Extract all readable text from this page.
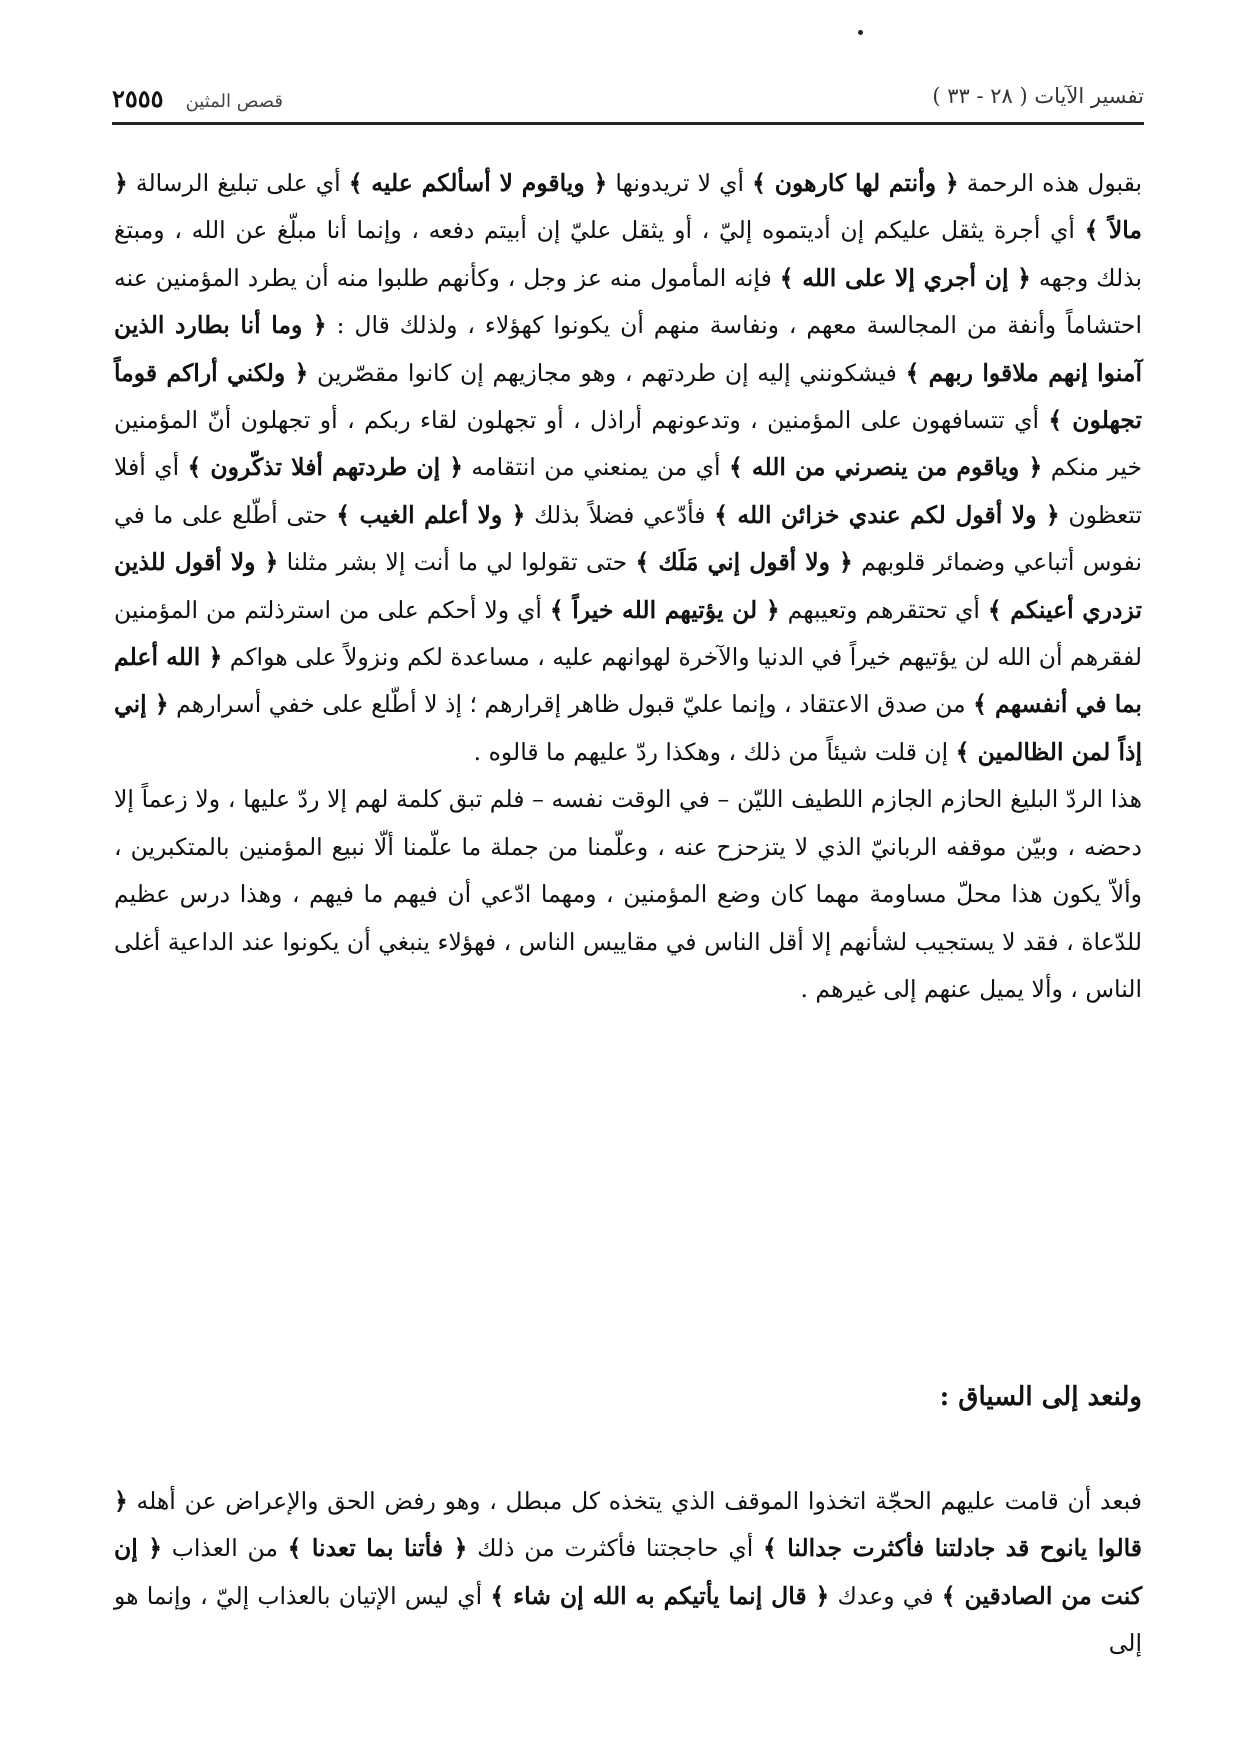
تفسير الآيات ( ٢٨ - ٣٣ )
قصص المثين
٢٥٥٥

بقبول هذه الرحمة ﴿ وأنتم لها كارهون ﴾ أي لا تريدونها ﴿ وياقوم لا أسألكم عليه ﴾ أي على تبليغ الرسالة ﴿ مالاً ﴾ أي أجرة يثقل عليكم إن أديتموه إليّ ، أو يثقل عليّ إن أبيتم دفعه ، وإنما أنا مبلّغ عن الله ، ومبتغ بذلك وجهه ﴿ إن أجري إلا على الله ﴾ فإنه المأمول منه عز وجل ، وكأنهم طلبوا منه أن يطرد المؤمنين عنه احتشاماً وأنفة من المجالسة معهم ، ونفاسة منهم أن يكونوا كهؤلاء ، ولذلك قال : ﴿ وما أنا بطارد الذين آمنوا إنهم ملاقوا ربهم ﴾ فيشكونني إليه إن طردتهم ، وهو مجازيهم إن كانوا مقصّرين ﴿ ولكني أراكم قوماً تجهلون ﴾ أي تتسافهون على المؤمنين ، وتدعونهم أراذل ، أو تجهلون لقاء ربكم ، أو تجهلون أنّ المؤمنين خير منكم ﴿ وياقوم من ينصرني من الله ﴾ أي من يمنعني من انتقامه ﴿ إن طردتهم أفلا تذكّرون ﴾ أي أفلا تتعظون ﴿ ولا أقول لكم عندي خزائن الله ﴾ فأدّعي فضلاً بذلك ﴿ ولا أعلم الغيب ﴾ حتى أطّلع على ما في نفوس أتباعي وضمائر قلوبهم ﴿ ولا أقول إني مَلَك ﴾ حتى تقولوا لي ما أنت إلا بشر مثلنا ﴿ ولا أقول للذين تزدري أعينكم ﴾ أي تحتقرهم وتعيبهم ﴿ لن يؤتيهم الله خيراً ﴾ أي ولا أحكم على من استرذلتم من المؤمنين لفقرهم أن الله لن يؤتيهم خيراً في الدنيا والآخرة لهوانهم عليه ، مساعدة لكم ونزولاً على هواكم ﴿ الله أعلم بما في أنفسهم ﴾ من صدق الاعتقاد ، وإنما عليّ قبول ظاهر إقرارهم ؛ إذ لا أطّلع على خفي أسرارهم ﴿ إني إذاً لمن الظالمين ﴾ إن قلت شيئاً من ذلك ، وهكذا ردّ عليهم ما قالوه .

هذا الردّ البليغ الحازم الجازم اللطيف الليّن – في الوقت نفسه – فلم تبق كلمة لهم إلا ردّ عليها ، ولا زعماً إلا دحضه ، وبيّن موقفه الربانيّ الذي لا يتزحزح عنه ، وعلّمنا من جملة ما علّمنا ألّا نبيع المؤمنين بالمتكبرين ، وألاّ يكون هذا محلّ مساومة مهما كان وضع المؤمنين ، ومهما ادّعي أن فيهم ما فيهم ، وهذا درس عظيم للدّعاة ، فقد لا يستجيب لشأنهم إلا أقل الناس في مقاييس الناس ، فهؤلاء ينبغي أن يكونوا عند الداعية أغلى الناس ، وألا يميل عنهم إلى غيرهم .

ولنعد إلى السياق :

فبعد أن قامت عليهم الحجّة اتخذوا الموقف الذي يتخذه كل مبطل ، وهو رفض الحق والإعراض عن أهله ﴿ قالوا يانوح قد جادلتنا فأكثرت جدالنا ﴾ أي حاججتنا فأكثرت من ذلك ﴿ فأتنا بما تعدنا ﴾ من العذاب ﴿ إن كنت من الصادقين ﴾ في وعدك ﴿ قال إنما يأتيكم به الله إن شاء ﴾ أي ليس الإتيان بالعذاب إليّ ، وإنما هو إلى
